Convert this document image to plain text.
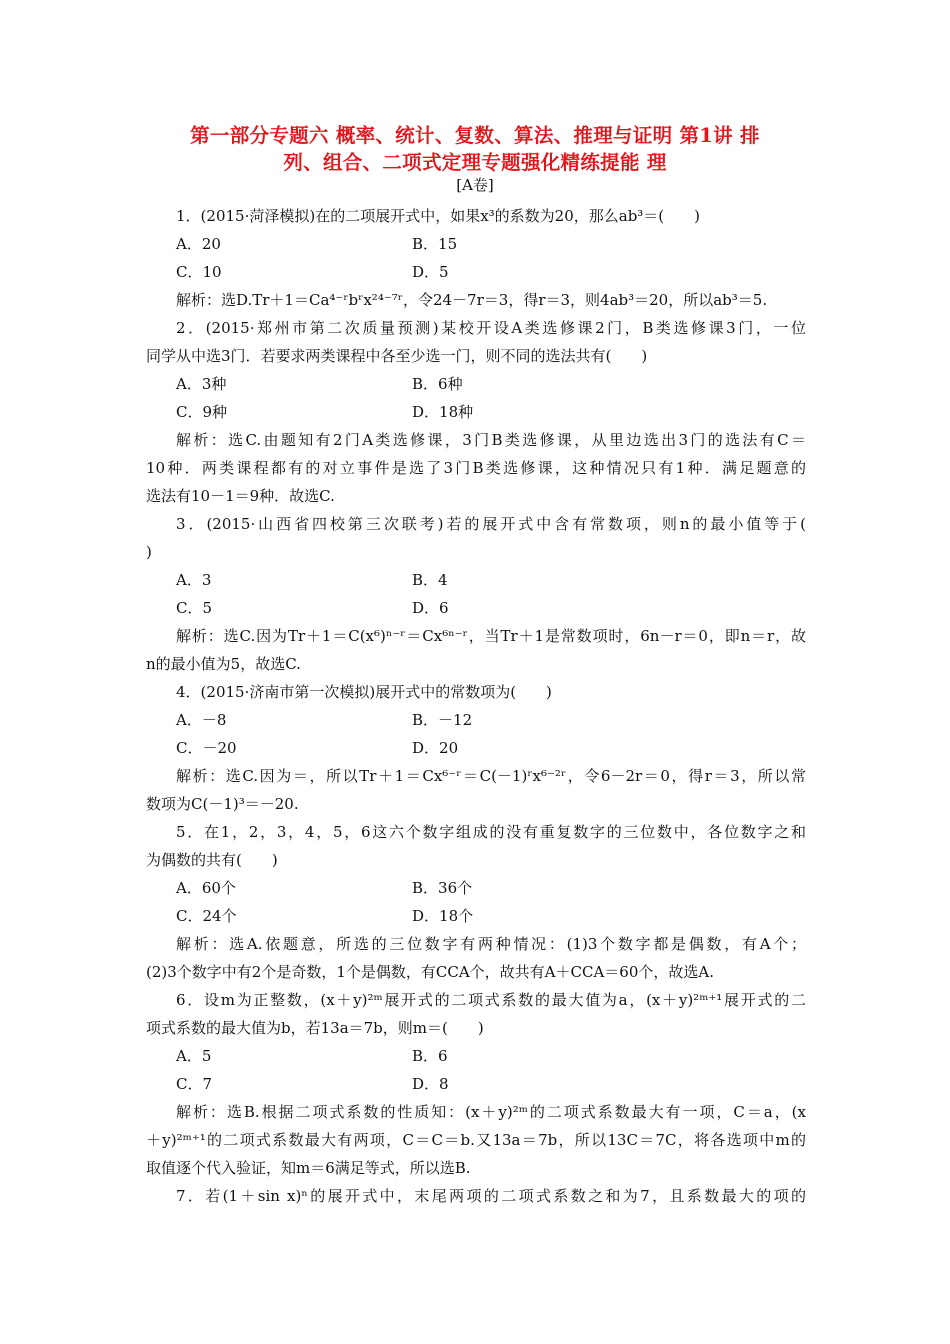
第一部分专题六 概率、统计、复数、算法、推理与证明 第1讲 排
列、组合、二项式定理专题强化精练提能 理
[A卷]
1．(2015·菏泽模拟)在的二项展开式中，如果x³的系数为20，那么ab³＝(　　)
A．20	B．15
C．10	D．5
解析：选D.Tr＋1＝Ca⁴⁻ʳbʳx²⁴⁻⁷ʳ，令24－7r＝3，得r＝3，则4ab³＝20，所以ab³＝5.
2．(2015·郑州市第二次质量预测)某校开设A类选修课2门，B类选修课3门，一位
同学从中选3门．若要求两类课程中各至少选一门，则不同的选法共有(　　)
A．3种	B．6种
C．9种	D．18种
解析：选C.由题知有2门A类选修课，3门B类选修课，从里边选出3门的选法有C＝
10种．两类课程都有的对立事件是选了3门B类选修课，这种情况只有1种．满足题意的
选法有10－1＝9种．故选C.
3．(2015·山西省四校第三次联考)若的展开式中含有常数项，则n的最小值等于(
)
A．3	B．4
C．5	D．6
解析：选C.因为Tr＋1＝C(x⁶)ⁿ⁻ʳ＝Cx⁶ⁿ⁻ʳ，当Tr＋1是常数项时，6n－r＝0，即n＝r，故
n的最小值为5，故选C.
4．(2015·济南市第一次模拟)展开式中的常数项为(　　)
A．－8	B．－12
C．－20	D．20
解析：选C.因为＝，所以Tr＋1＝Cx⁶⁻ʳ＝C(－1)ʳx⁶⁻²ʳ，令6－2r＝0，得r＝3，所以常
数项为C(－1)³＝－20.
5．在1，2，3，4，5，6这六个数字组成的没有重复数字的三位数中，各位数字之和
为偶数的共有(　　)
A．60个	B．36个
C．24个	D．18个
解析：选A.依题意，所选的三位数字有两种情况：(1)3个数字都是偶数，有A个；
(2)3个数字中有2个是奇数，1个是偶数，有CCA个，故共有A＋CCA＝60个，故选A.
6．设m为正整数，(x＋y)²ᵐ展开式的二项式系数的最大值为a，(x＋y)²ᵐ⁺¹展开式的二
项式系数的最大值为b，若13a＝7b，则m＝(　　)
A．5	B．6
C．7	D．8
解析：选B.根据二项式系数的性质知：(x＋y)²ᵐ的二项式系数最大有一项，C＝a，(x
＋y)²ᵐ⁺¹的二项式系数最大有两项，C＝C＝b.又13a＝7b，所以13C＝7C，将各选项中m的
取值逐个代入验证，知m＝6满足等式，所以选B.
7．若(1＋sin x)ⁿ的展开式中，末尾两项的二项式系数之和为7，且系数最大的项的
